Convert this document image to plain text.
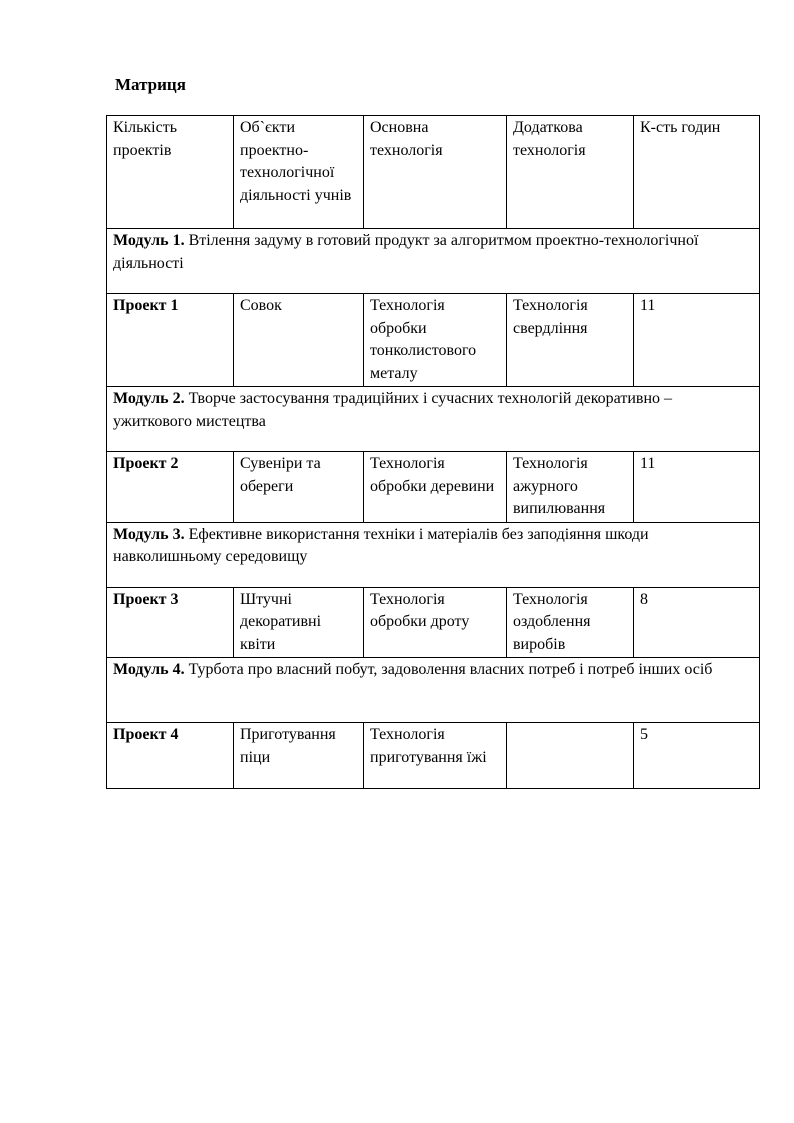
Матриця
Кількість проектів	Об`єкти проектно-технологічної діяльності учнів	Основна технологія	Додаткова технологія	К-сть годин
Модуль 1. Втілення задуму в готовий продукт за алгоритмом проектно-технологічної діяльності				
Проект 1	Совок	Технологія обробки тонколистового металу	Технологія свердління	11
Модуль 2. Творче застосування традиційних і сучасних технологій декоративно – ужиткового мистецтва				
Проект 2	Сувеніри та обереги	Технологія обробки деревини	Технологія ажурного випилювання	11
Модуль 3. Ефективне використання техніки і матеріалів без заподіяння шкоди навколишньому середовищу				
Проект 3	Штучні декоративні квіти	Технологія обробки дроту	Технологія оздоблення виробів	8
Модуль 4. Турбота про власний побут, задоволення власних потреб і потреб інших осіб				
Проект 4	Приготування піци	Технологія приготування їжі		5
